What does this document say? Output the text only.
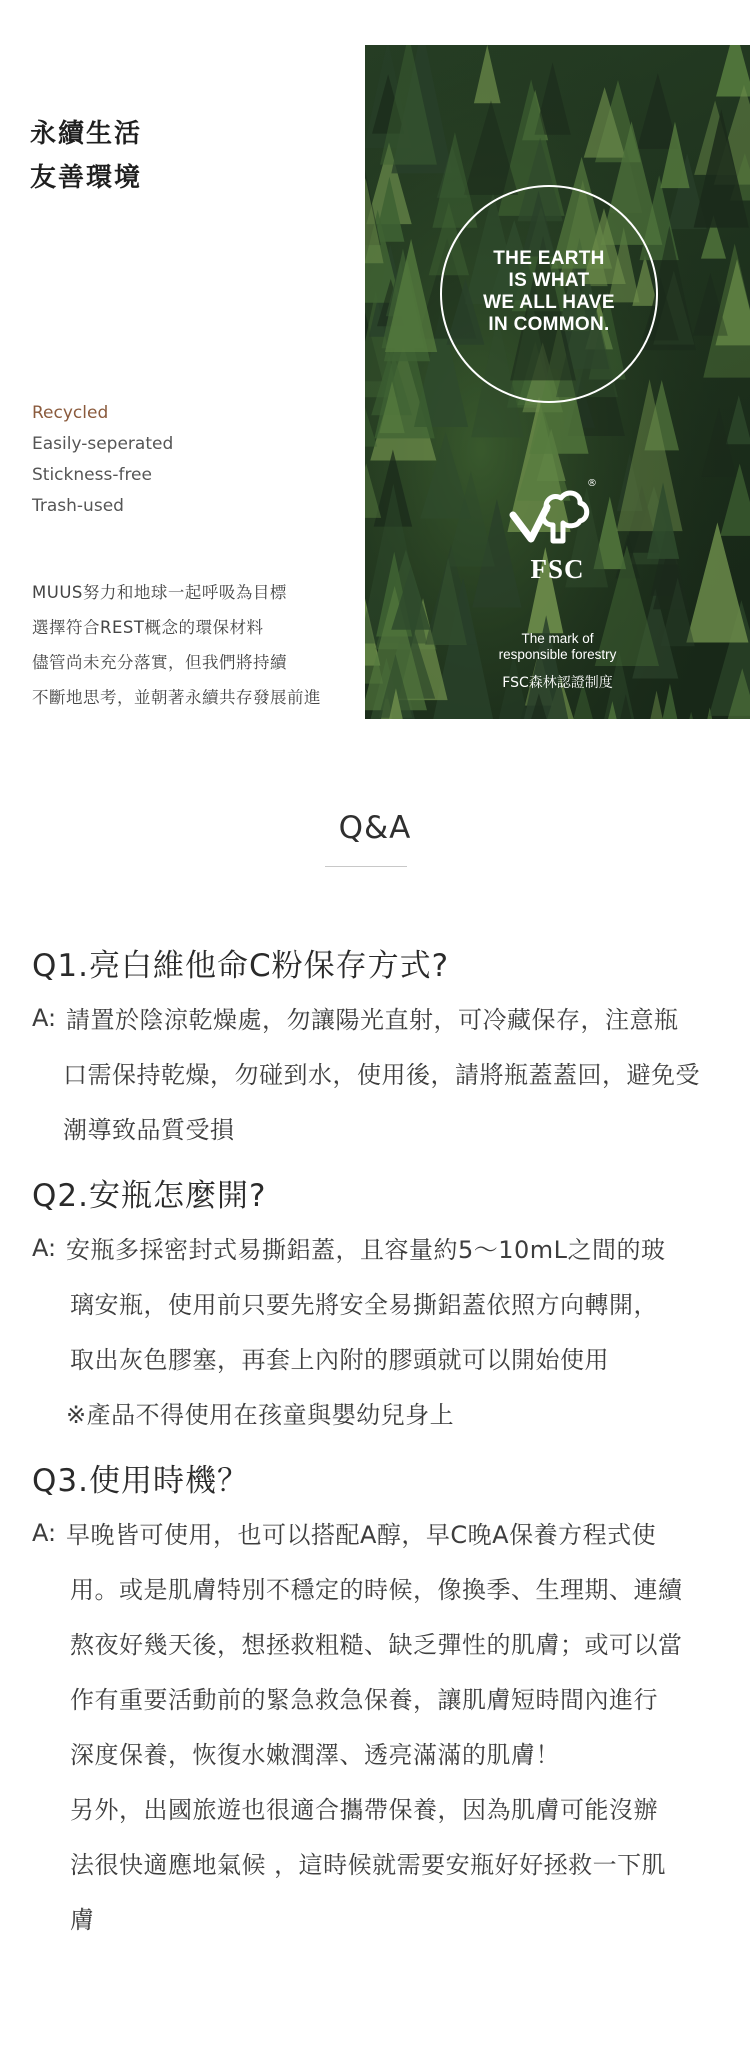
永續生活
友善環境
Recycled
Easily-seperated
Stickness-free
Trash-used
MUUS努力和地球一起呼吸為目標
選擇符合REST概念的環保材料
儘管尚未充分落實，但我們將持續
不斷地思考，並朝著永續共存發展前進
THE EARTH
IS WHAT
WE ALL HAVE
IN COMMON.
®
FSC
The mark of
responsible forestry
FSC森林認證制度
Q&A
Q1.亮白維他命C粉保存方式?
A: 請置於陰涼乾燥處，勿讓陽光直射，可冷藏保存，注意瓶
口需保持乾燥，勿碰到水，使用後，請將瓶蓋蓋回，避免受
潮導致品質受損
Q2.安瓶怎麼開?
A: 安瓶多採密封式易撕鋁蓋，且容量約5～10mL之間的玻
璃安瓶，使用前只要先將安全易撕鋁蓋依照方向轉開，
取出灰色膠塞，再套上內附的膠頭就可以開始使用
※產品不得使用在孩童與嬰幼兒身上
Q3.使用時機？
A: 早晚皆可使用，也可以搭配A醇，早C晚A保養方程式使
用。或是肌膚特別不穩定的時候，像換季、生理期、連續
熬夜好幾天後，想拯救粗糙、缺乏彈性的肌膚；或可以當
作有重要活動前的緊急救急保養，讓肌膚短時間內進行
深度保養，恢復水嫩潤澤、透亮滿滿的肌膚！
另外，出國旅遊也很適合攜帶保養，因為肌膚可能沒辦
法很快適應地氣候 ，這時候就需要安瓶好好拯救一下肌
膚
